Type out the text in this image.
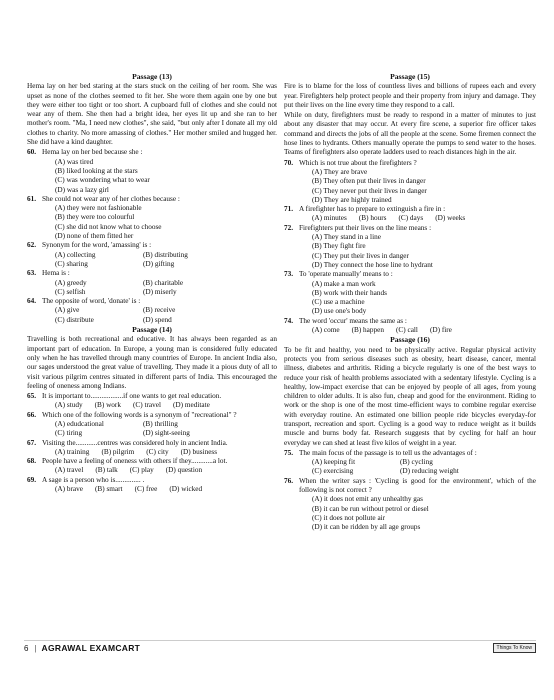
Passage (13)
Hema lay on her bed staring at the stars stuck on the ceiling of her room. She was upset as none of the clothes seemed to fit her. She wore them again one by one but they were either too tight or too short. A cupboard full of clothes and she could not wear any of them. She then had a bright idea, her eyes lit up and she ran to her mother's room. "Ma, I need new clothes", she said, "but only after I donate all my old clothes to charity. No more amassing of clothes." Her mother smiled and hugged her. She did have a kind daughter.
60. Hema lay on her bed because she :
(A) was tired
(B) liked looking at the stars
(C) was wondering what to wear
(D) was a lazy girl
61. She could not wear any of her clothes because :
(A) they were not fashionable
(B) they were too colourful
(C) she did not know what to choose
(D) none of them fitted her
62. Synonym for the word, 'amassing' is :
(A) collecting	(B) distributing
(C) sharing	(D) gifting
63. Hema is :
(A) greedy	(B) charitable
(C) selfish	(D) miserly
64. The opposite of word, 'donate' is :
(A) give	(B) receive
(C) distribute	(D) spend
Passage (14)
Travelling is both recreational and educative. It has always been regarded as an important part of education. In Europe, a young man is considered fully educated only when he has travelled through many countries of Europe. In ancient India also, our sages understood the great value of travelling. They made it a pious duty of all to visit various pilgrim centres situated in different parts of India. This encouraged the feeling of oneness among Indians.
65. It is important to..................if one wants to get real education.
(A) study (B) work (C) travel (D) meditate
66. Which one of the following words is a synonym of "recreational" ?
(A) edudcational	(B) thrilling
(C) tiring	(D) sight-seeing
67. Visiting the............centres was considered holy in ancient India.
(A) training (B) pilgrim (C) city (D) business
68. People have a feeling of oneness with others if they............a lot.
(A) travel (B) talk (C) play (D) question
69. A sage is a person who is.............. .
(A) brave (B) smart (C) free (D) wicked
Passage (15)
Fire is to blame for the loss of countless lives and billions of rupees each and every year. Firefighters help protect people and their property from injury and damage. They put their lives on the line every time they respond to a call.
While on duty, firefighters must be ready to respond in a matter of minutes to just about any disaster that may occur. At every fire scene, a superior fire officer takes command and directs the jobs of all the people at the scene. Some firemen connect the hose lines to hydrants. Others manually operate the pumps to send water to the hoses. Teams of firefighters also operate ladders used to reach distances high in the air.
70. Which is not true about the firefighters ?
(A) They are brave
(B) They often put their lives in danger
(C) They never put their lives in danger
(D) They are highly trained
71. A firefighter has to prepare to extinguish a fire in :
(A) minutes (B) hours (C) days (D) weeks
72. Firefighters put their lives on the line means :
(A) They stand in a line
(B) They fight fire
(C) They put their lives in danger
(D) They connect the hose line to hydrant
73. To 'operate manually' means to :
(A) make a man work
(B) work with their hands
(C) use a machine
(D) use one's body
74. The word 'occur' means the same as :
(A) come (B) happen (C) call (D) fire
Passage (16)
To be fit and healthy, you need to be physically active. Regular physical activity protects you from serious diseases such as obesity, heart disease, cancer, mental illness, diabetes and arthritis. Riding a bicycle regularly is one of the best ways to reduce your risk of health problems associated with a sedentary lifestyle. Cycling is a healthy, low-impact exercise that can be enjoyed by people of all ages, from young children to older adults. It is also fun, cheap and good for the environment. Riding to work or the shop is one of the most time-efficient ways to combine regular exercise with everyday routine. An estimated one billion people ride bicycles everyday-for transport, recreation and sport. Cycling is a good way to reduce weight as it builds muscle and burns body fat. Research suggests that by cycling for half an hour everyday we can shed at least five kilos of weight in a year.
75. The main focus of the passage is to tell us the advantages of :
(A) keeping fit	(B) cycling
(C) exercising	(D) reducing weight
76. When the writer says : 'Cycling is good for the environment', which of the following is not correct ?
(A) it does not emit any unhealthy gas
(B) it can be run without petrol or diesel
(C) it does not pollute air
(D) it can be ridden by all age groups
6 | AGRAWAL EXAMCART	Things To Know
